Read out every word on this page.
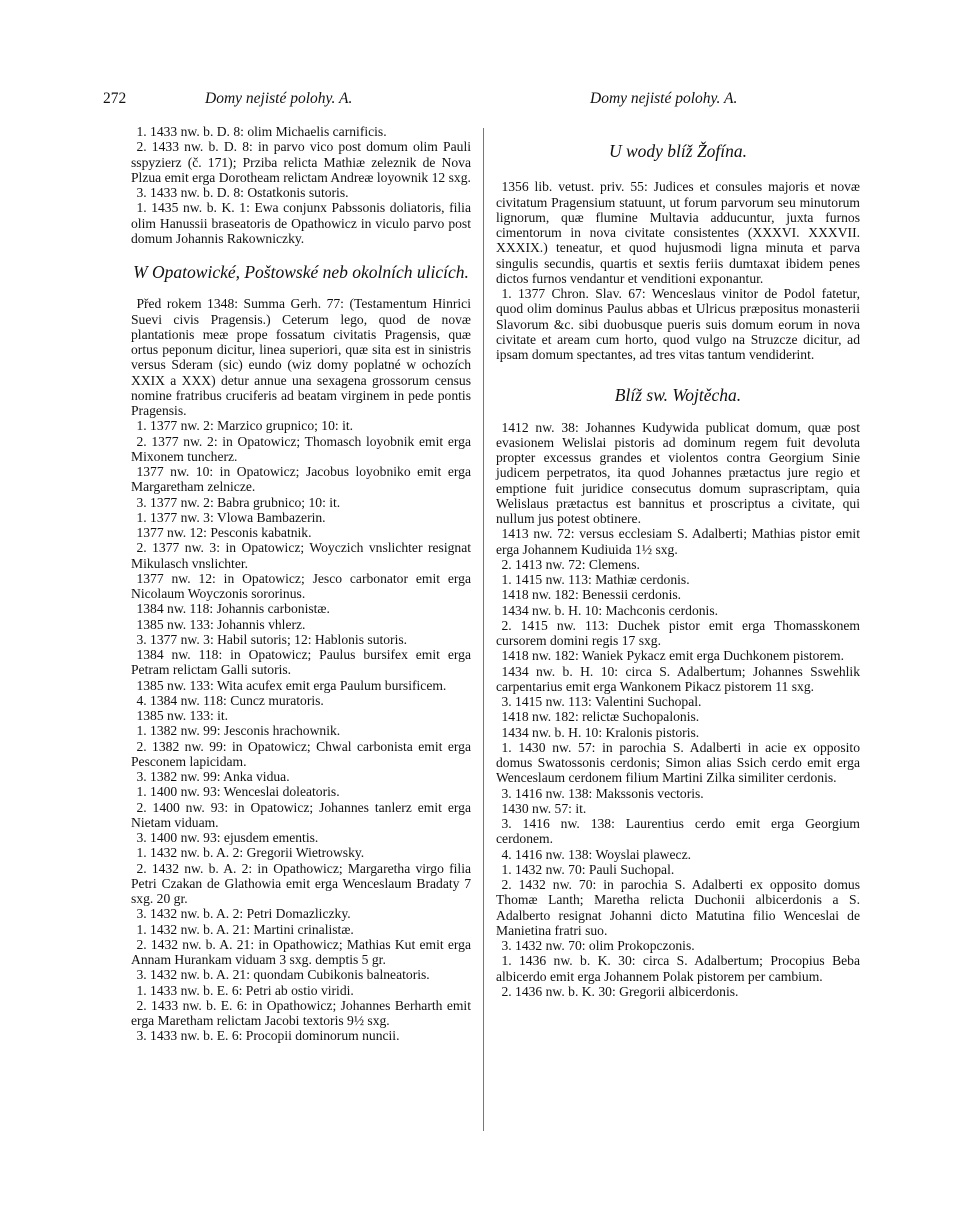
272	Domy nejisté polohy. A.	Domy nejisté polohy. A.

1. 1433 nw. b. D. 8: olim Michaelis carnificis.

2. 1433 nw. b. D. 8: in parvo vico post domum olim Pauli sspyzierz (č. 171); Prziba relicta Mathiæ zeleznik de Nova Plzua emit erga Dorotheam relictam Andreæ loyownik 12 sxg.

3. 1433 nw. b. D. 8: Ostatkonis sutoris.

1. 1435 nw. b. K. 1: Ewa conjunx Pabssonis doliatoris, filia olim Hanussii braseatoris de Opathowicz in viculo parvo post domum Johannis Rakowniczky.

W Opatowické, Poštowské neb okolních ulicích.

Před rokem 1348: Summa Gerh. 77: (Testamentum Hinrici Suevi civis Pragensis.) Ceterum lego, quod de novæ plantationis meæ prope fossatum civitatis Pragensis, quæ ortus peponum dicitur, linea superiori, quæ sita est in sinistris versus Sderam (sic) eundo (wiz domy poplatné w ochozích XXIX a XXX) detur annue una sexagena grossorum census nomine fratribus cruciferis ad beatam virginem in pede pontis Pragensis.

1. 1377 nw. 2: Marzico grupnico; 10: it.

2. 1377 nw. 2: in Opatowicz; Thomasch loyobnik emit erga Mixonem tuncherz.

1377 nw. 10: in Opatowicz; Jacobus loyobniko emit erga Margaretham zelnicze.

3. 1377 nw. 2: Babra grubnico; 10: it.

1. 1377 nw. 3: Vlowa Bambazerin.

1377 nw. 12: Pesconis kabatnik.

2. 1377 nw. 3: in Opatowicz; Woyczich vnslichter resignat Mikulasch vnslichter.

1377 nw. 12: in Opatowicz; Jesco carbonator emit erga Nicolaum Woyczonis sororinus.

1384 nw. 118: Johannis carbonistæ.

1385 nw. 133: Johannis vhlerz.

3. 1377 nw. 3: Habil sutoris; 12: Hablonis sutoris.

1384 nw. 118: in Opatowicz; Paulus bursifex emit erga Petram relictam Galli sutoris.

1385 nw. 133: Wita acufex emit erga Paulum bursificem.

4. 1384 nw. 118: Cuncz muratoris.

1385 nw. 133: it.

1. 1382 nw. 99: Jesconis hrachownik.

2. 1382 nw. 99: in Opatowicz; Chwal carbonista emit erga Pesconem lapicidam.

3. 1382 nw. 99: Anka vidua.

1. 1400 nw. 93: Wenceslai doleatoris.

2. 1400 nw. 93: in Opatowicz; Johannes tanlerz emit erga Nietam viduam.

3. 1400 nw. 93: ejusdem ementis.

1. 1432 nw. b. A. 2: Gregorii Wietrowsky.

2. 1432 nw. b. A. 2: in Opathowicz; Margaretha virgo filia Petri Czakan de Glathowia emit erga Wenceslaum Bradaty 7 sxg. 20 gr.

3. 1432 nw. b. A. 2: Petri Domazliczky.

1. 1432 nw. b. A. 21: Martini crinalistæ.

2. 1432 nw. b. A. 21: in Opathowicz; Mathias Kut emit erga Annam Hurankam viduam 3 sxg. demptis 5 gr.

3. 1432 nw. b. A. 21: quondam Cubikonis balneatoris.

1. 1433 nw. b. E. 6: Petri ab ostio viridi.

2. 1433 nw. b. E. 6: in Opathowicz; Johannes Berharth emit erga Maretham relictam Jacobi textoris 9½ sxg.

3. 1433 nw. b. E. 6: Procopii dominorum nuncii.

U wody blíž Žofína.

1356 lib. vetust. priv. 55: Judices et consules majoris et novæ civitatum Pragensium statuunt, ut forum parvorum seu minutorum lignorum, quæ flumine Multavia adducuntur, juxta furnos cimentorum in nova civitate consistentes (XXXVI. XXXVII. XXXIX.) teneatur, et quod hujusmodi ligna minuta et parva singulis secundis, quartis et sextis feriis dumtaxat ibidem penes dictos furnos vendantur et venditioni exponantur.

1. 1377 Chron. Slav. 67: Wenceslaus vinitor de Podol fatetur, quod olim dominus Paulus abbas et Ulricus præpositus monasterii Slavorum &c. sibi duobusque pueris suis domum eorum in nova civitate et aream cum horto, quod vulgo na Struzcze dicitur, ad ipsam domum spectantes, ad tres vitas tantum vendiderint.

Blíž sw. Wojtěcha.

1412 nw. 38: Johannes Kudywida publicat domum, quæ post evasionem Welislai pistoris ad dominum regem fuit devoluta propter excessus grandes et violentos contra Georgium Sinie judicem perpetratos, ita quod Johannes prætactus jure regio et emptione fuit juridice consecutus domum suprascriptam, quia Welislaus prætactus est bannitus et proscriptus a civitate, qui nullum jus potest obtinere.

1413 nw. 72: versus ecclesiam S. Adalberti; Mathias pistor emit erga Johannem Kudiuida 1½ sxg.

2. 1413 nw. 72: Clemens.

1. 1415 nw. 113: Mathiæ cerdonis.

1418 nw. 182: Benessii cerdonis.

1434 nw. b. H. 10: Machconis cerdonis.

2. 1415 nw. 113: Duchek pistor emit erga Thomasskonem cursorem domini regis 17 sxg.

1418 nw. 182: Waniek Pykacz emit erga Duchkonem pistorem.

1434 nw. b. H. 10: circa S. Adalbertum; Johannes Sswehlik carpentarius emit erga Wankonem Pikacz pistorem 11 sxg.

3. 1415 nw. 113: Valentini Suchopal.

1418 nw. 182: relictæ Suchopalonis.

1434 nw. b. H. 10: Kralonis pistoris.

1. 1430 nw. 57: in parochia S. Adalberti in acie ex opposito domus Swatossonis cerdonis; Simon alias Ssich cerdo emit erga Wenceslaum cerdonem filium Martini Zilka similiter cerdonis.

3. 1416 nw. 138: Makssonis vectoris.

1430 nw. 57: it.

3. 1416 nw. 138: Laurentius cerdo emit erga Georgium cerdonem.

4. 1416 nw. 138: Woyslai plawecz.

1. 1432 nw. 70: Pauli Suchopal.

2. 1432 nw. 70: in parochia S. Adalberti ex opposito domus Thomæ Lanth; Maretha relicta Duchonii albicerdonis a S. Adalberto resignat Johanni dicto Matutina filio Wenceslai de Manietina fratri suo.

3. 1432 nw. 70: olim Prokopczonis.

1. 1436 nw. b. K. 30: circa S. Adalbertum; Procopius Beba albicerdo emit erga Johannem Polak pistorem per cambium.

2. 1436 nw. b. K. 30: Gregorii albicerdonis.
